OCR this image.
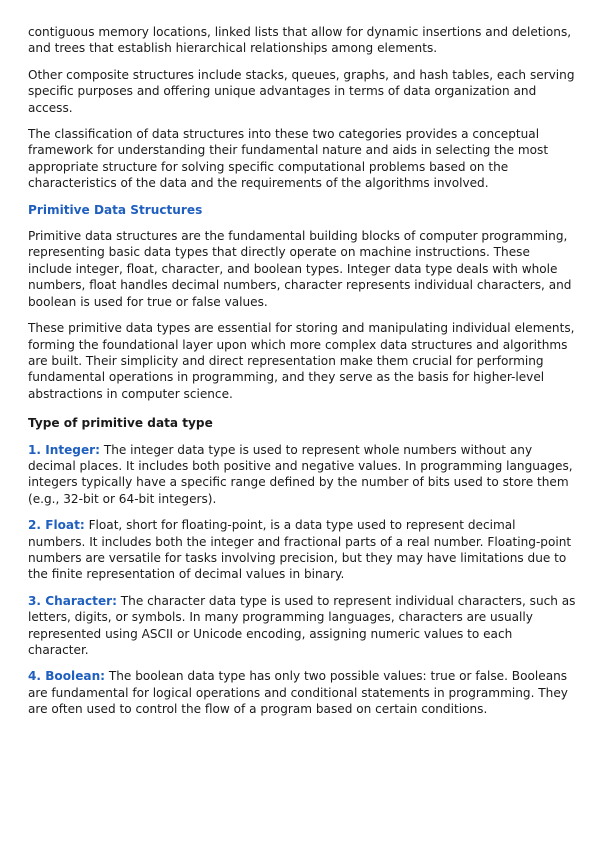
contiguous memory locations, linked lists that allow for dynamic insertions and deletions, and trees that establish hierarchical relationships among elements.

Other composite structures include stacks, queues, graphs, and hash tables, each serving specific purposes and offering unique advantages in terms of data organization and access.

The classification of data structures into these two categories provides a conceptual framework for understanding their fundamental nature and aids in selecting the most appropriate structure for solving specific computational problems based on the characteristics of the data and the requirements of the algorithms involved.

Primitive Data Structures

Primitive data structures are the fundamental building blocks of computer programming, representing basic data types that directly operate on machine instructions. These include integer, float, character, and boolean types. Integer data type deals with whole numbers, float handles decimal numbers, character represents individual characters, and boolean is used for true or false values.

These primitive data types are essential for storing and manipulating individual elements, forming the foundational layer upon which more complex data structures and algorithms are built. Their simplicity and direct representation make them crucial for performing fundamental operations in programming, and they serve as the basis for higher-level abstractions in computer science.

Type of primitive data type

1. Integer: The integer data type is used to represent whole numbers without any decimal places. It includes both positive and negative values. In programming languages, integers typically have a specific range defined by the number of bits used to store them (e.g., 32-bit or 64-bit integers).

2. Float: Float, short for floating-point, is a data type used to represent decimal numbers. It includes both the integer and fractional parts of a real number. Floating-point numbers are versatile for tasks involving precision, but they may have limitations due to the finite representation of decimal values in binary.

3. Character: The character data type is used to represent individual characters, such as letters, digits, or symbols. In many programming languages, characters are usually represented using ASCII or Unicode encoding, assigning numeric values to each character.

4. Boolean: The boolean data type has only two possible values: true or false. Booleans are fundamental for logical operations and conditional statements in programming. They are often used to control the flow of a program based on certain conditions.
